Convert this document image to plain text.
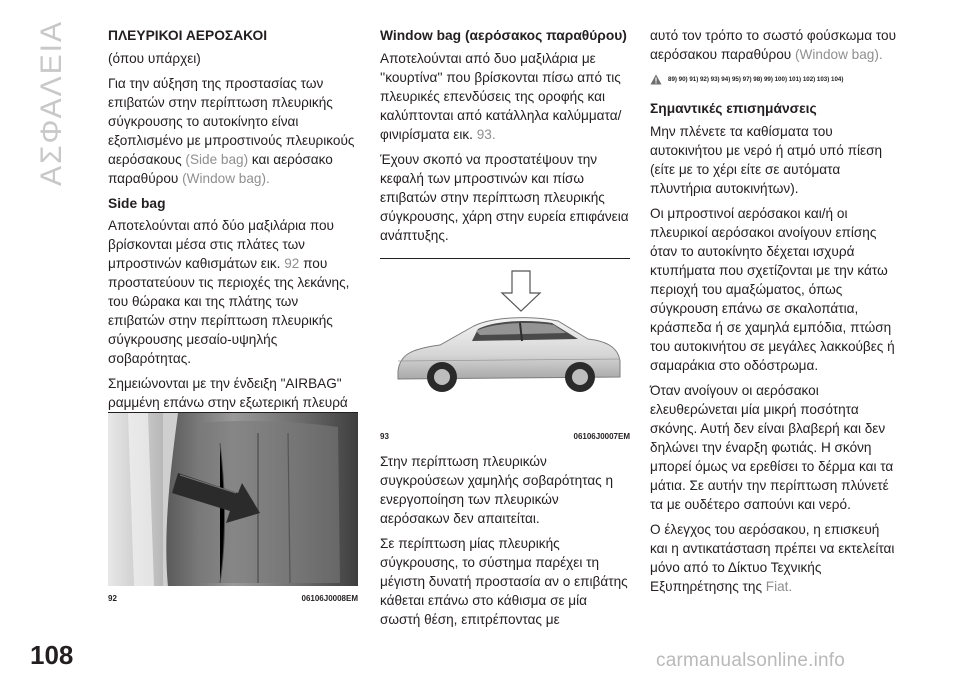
ΑΣΦΑΛΕΙΑ	ΠΛΕΥΡΙΚΟΙ ΑΕΡΟΣΑΚΟΙ

(όπου υπάρχει)

Για την αύξηση της προστασίας των επιβατών στην περίπτωση πλευρικής σύγκρουσης το αυτοκίνητο είναι εξοπλισμένο με μπροστινούς πλευρικούς αερόσακους (Side bag) και αερόσακο παραθύρου (Window bag).

Side bag

Αποτελούνται από δύο μαξιλάρια που βρίσκονται μέσα στις πλάτες των μπροστινών καθισμάτων εικ. 92 που προστατεύουν τις περιοχές της λεκάνης, του θώρακα και της πλάτης των επιβατών στην περίπτωση πλευρικής σύγκρουσης μεσαίο-υψηλής σοβαρότητας.

Σημειώνονται με την ένδειξη "AIRBAG" ραμμένη επάνω στην εξωτερική πλευρά

92	06106J0008EM
Window bag (αερόσακος παραθύρου)

Αποτελούνται από δυο μαξιλάρια με ''κουρτίνα'' που βρίσκονται πίσω από τις πλευρικές επενδύσεις της οροφής και καλύπτονται από κατάλληλα καλύμματα/φινιρίσματα εικ. 93.

Έχουν σκοπό να προστατέψουν την κεφαλή των μπροστινών και πίσω επιβατών στην περίπτωση πλευρικής σύγκρουσης, χάρη στην ευρεία επιφάνεια ανάπτυξης.

93	06106J0007EM

Στην περίπτωση πλευρικών συγκρούσεων χαμηλής σοβαρότητας η ενεργοποίηση των πλευρικών αερόσακων δεν απαιτείται.

Σε περίπτωση μίας πλευρικής σύγκρουσης, το σύστημα παρέχει τη μέγιστη δυνατή προστασία αν ο επιβάτης κάθεται επάνω στο κάθισμα σε μία σωστή θέση, επιτρέποντας με

αυτό τον τρόπο το σωστό φούσκωμα του αερόσακου παραθύρου (Window bag).

89) 90) 91) 92) 93) 94) 95) 97) 98) 99) 100) 101) 102) 103) 104)
Σημαντικές επισημάνσεις

Μην πλένετε τα καθίσματα του αυτοκινήτου με νερό ή ατμό υπό πίεση (είτε με το χέρι είτε σε αυτόματα πλυντήρια αυτοκινήτων).

Οι μπροστινοί αερόσακοι και/ή οι πλευρικοί αερόσακοι ανοίγουν επίσης όταν το αυτοκίνητο δέχεται ισχυρά κτυπήματα που σχετίζονται με την κάτω περιοχή του αμαξώματος, όπως σύγκρουση επάνω σε σκαλοπάτια, κράσπεδα ή σε χαμηλά εμπόδια, πτώση του αυτοκινήτου σε μεγάλες λακκούβες ή σαμαράκια στο οδόστρωμα.

Όταν ανοίγουν οι αερόσακοι ελευθερώνεται μία μικρή ποσότητα σκόνης. Αυτή δεν είναι βλαβερή και δεν δηλώνει την έναρξη φωτιάς. Η σκόνη μπορεί όμως να ερεθίσει το δέρμα και τα μάτια. Σε αυτήν την περίπτωση πλύνετέ τα με ουδέτερο σαπούνι και νερό.

Ο έλεγχος του αερόσακου, η επισκευή και η αντικατάσταση πρέπει να εκτελείται μόνο από το Δίκτυο Τεχνικής Εξυπηρέτησης της Fiat.

108	carmanualsonline.info
